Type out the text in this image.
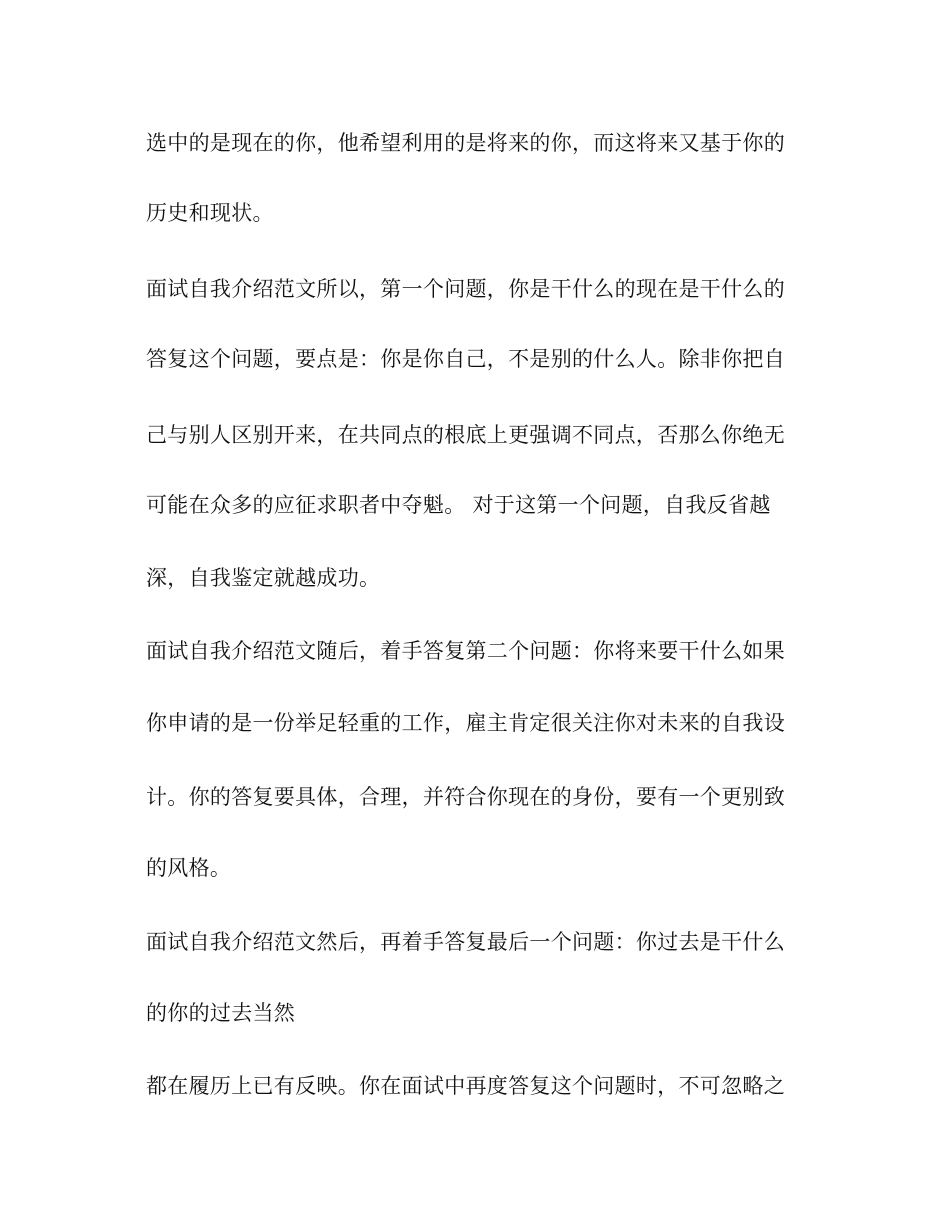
选中的是现在的你，他希望利用的是将来的你，而这将来又基于你的
历史和现状。
面试自我介绍范文所以，第一个问题，你是干什么的现在是干什么的
答复这个问题，要点是：你是你自己，不是别的什么人。除非你把自
己与别人区别开来，在共同点的根底上更强调不同点，否那么你绝无
可能在众多的应征求职者中夺魁。 对于这第一个问题，自我反省越
深，自我鉴定就越成功。
面试自我介绍范文随后，着手答复第二个问题：你将来要干什么如果
你申请的是一份举足轻重的工作，雇主肯定很关注你对未来的自我设
计。你的答复要具体，合理，并符合你现在的身份，要有一个更别致
的风格。
面试自我介绍范文然后，再着手答复最后一个问题：你过去是干什么
的你的过去当然
都在履历上已有反映。你在面试中再度答复这个问题时，不可忽略之
